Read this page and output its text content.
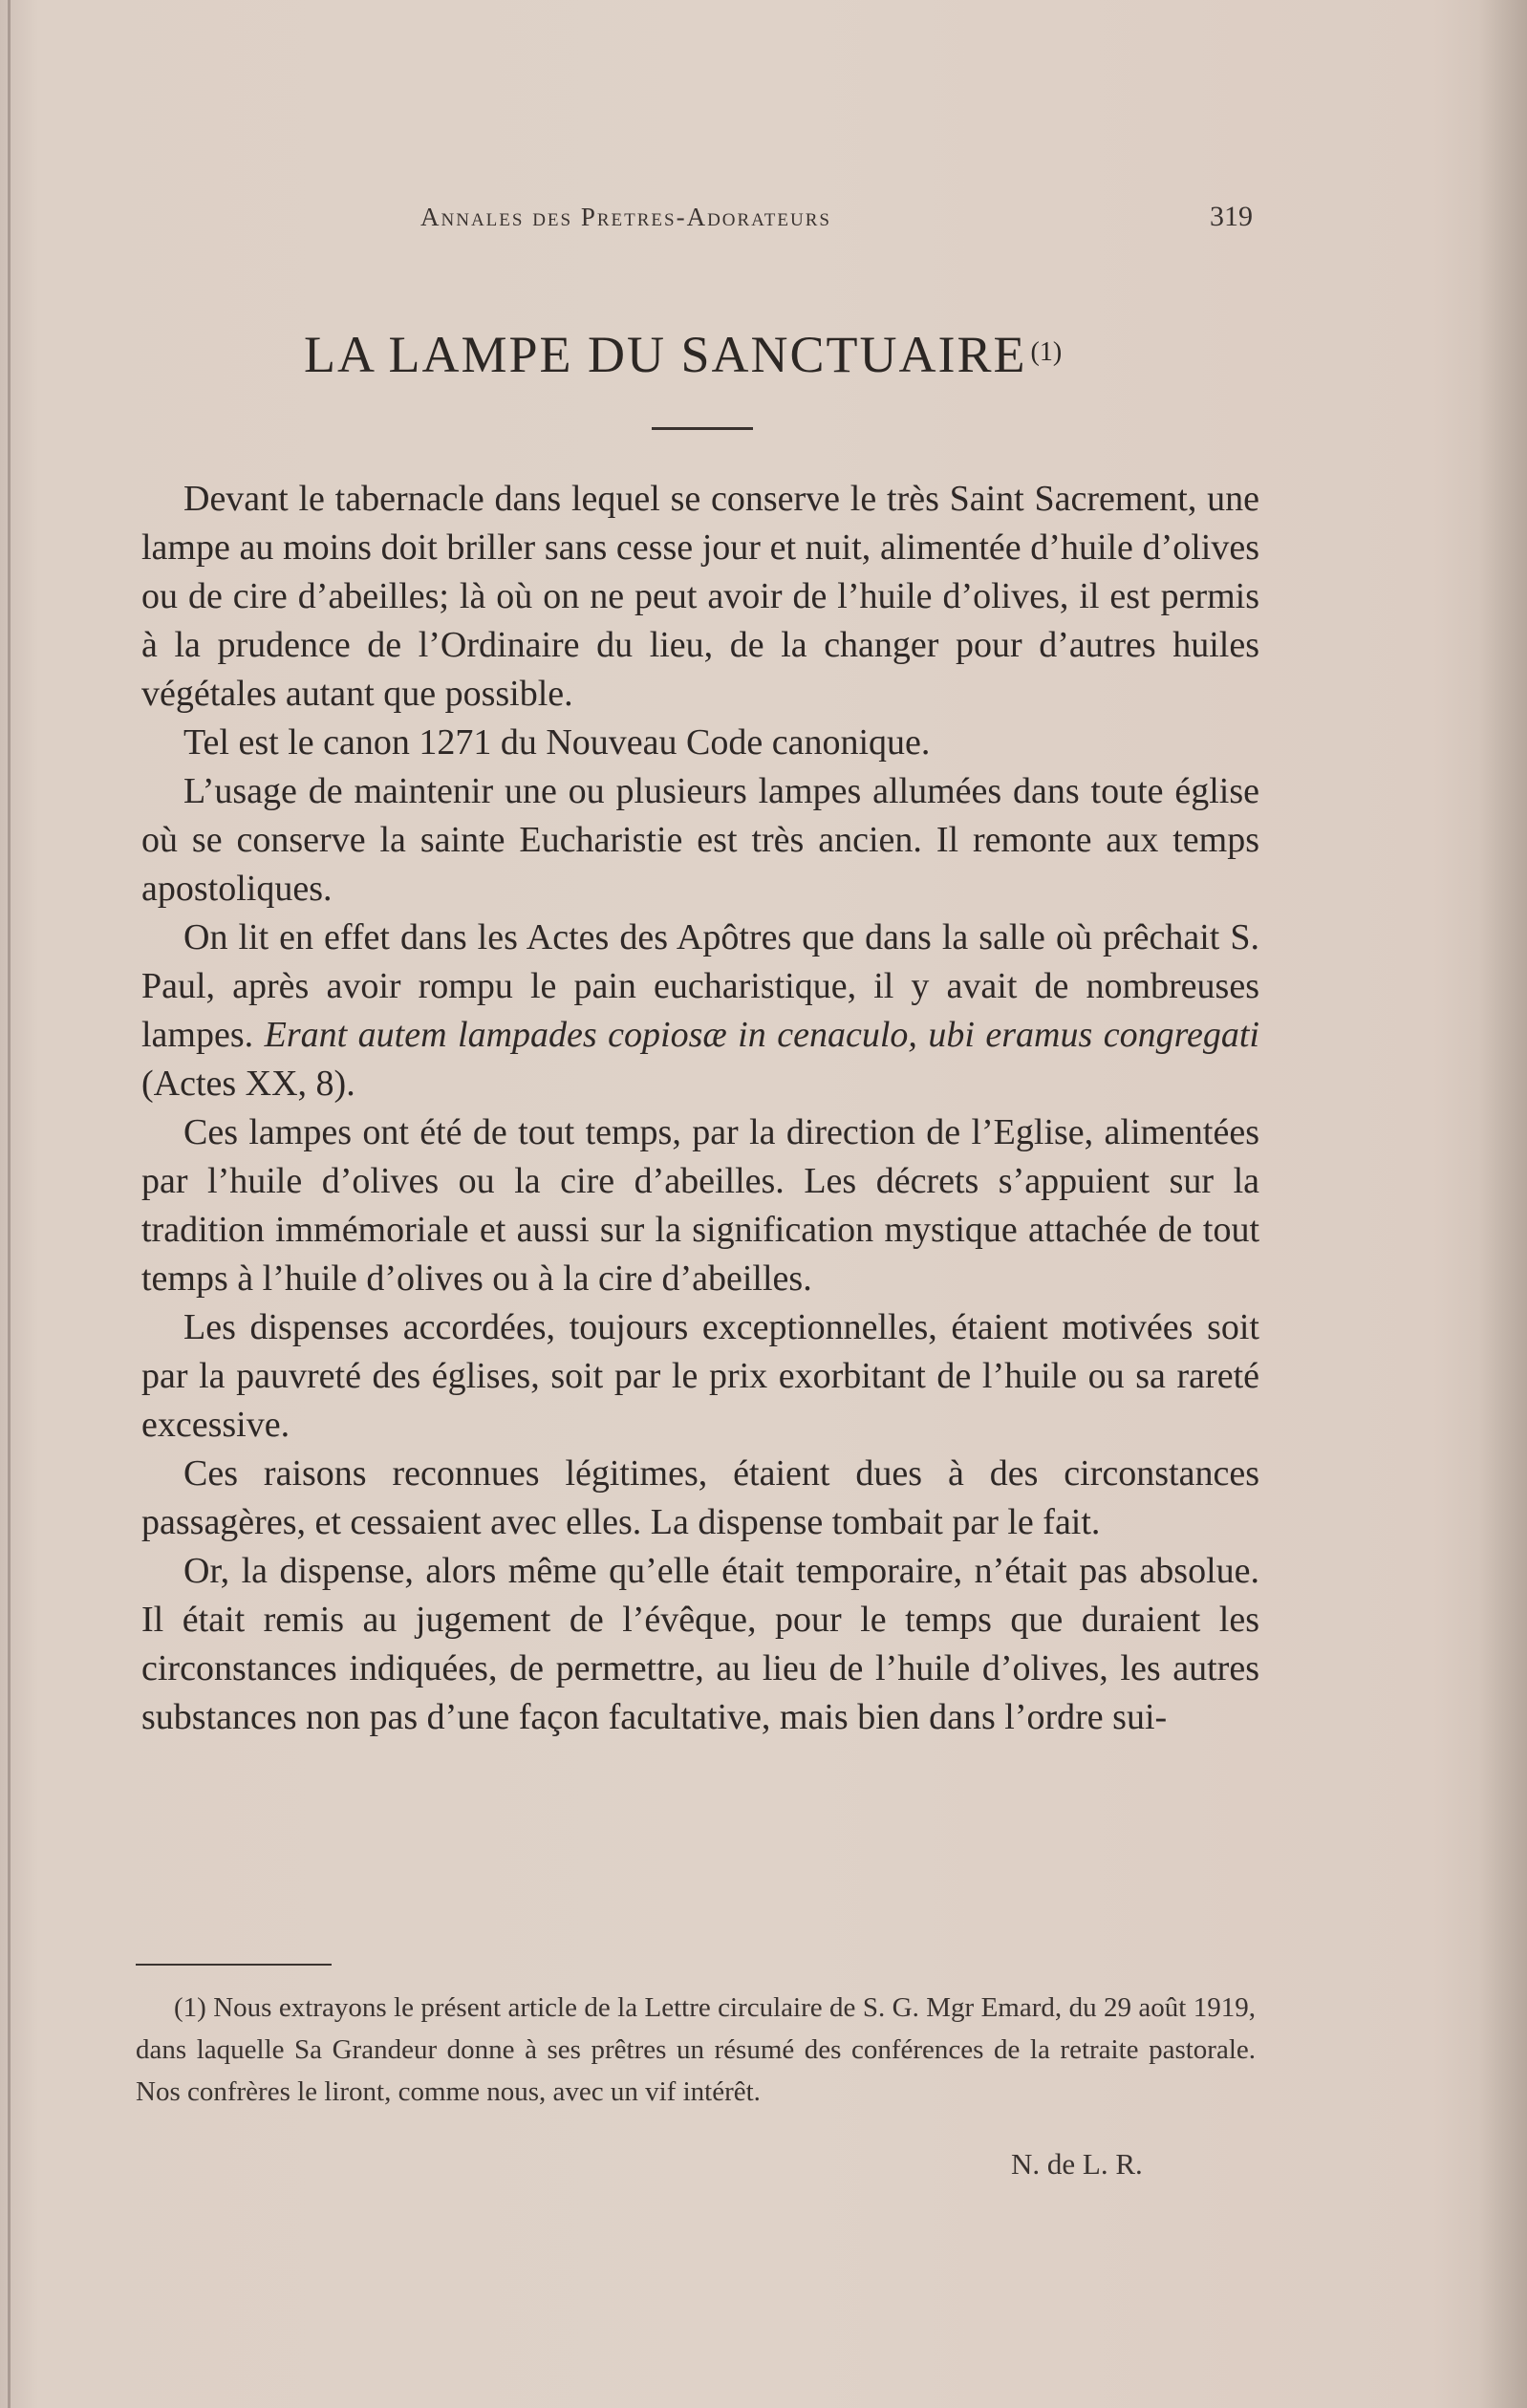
Annales des Pretres-Adorateurs	319
LA LAMPE DU SANCTUAIRE $^{(1)}$

Devant le tabernacle dans lequel se conserve le très Saint Sacrement, une lampe au moins doit briller sans cesse jour et nuit, alimentée d’huile d’olives ou de cire d’abeilles; là où on ne peut avoir de l’huile d’olives, il est permis à la prudence de l’Ordinaire du lieu, de la changer pour d’autres huiles végétales autant que possible.

Tel est le canon 1271 du Nouveau Code canonique.

L’usage de maintenir une ou plusieurs lampes allumées dans toute église où se conserve la sainte Eucharistie est très ancien. Il remonte aux temps apostoliques.

On lit en effet dans les Actes des Apôtres que dans la salle où prêchait S. Paul, après avoir rompu le pain eucharistique, il y avait de nombreuses lampes. Erant autem lampades copiosæ in cenaculo, ubi eramus congregati (Actes XX, 8).

Ces lampes ont été de tout temps, par la direction de l’Eglise, alimentées par l’huile d’olives ou la cire d’abeilles. Les décrets s’appuient sur la tradition immémoriale et aussi sur la signification mystique attachée de tout temps à l’huile d’olives ou à la cire d’abeilles.

Les dispenses accordées, toujours exceptionnelles, étaient motivées soit par la pauvreté des églises, soit par le prix exorbitant de l’huile ou sa rareté excessive.

Ces raisons reconnues légitimes, étaient dues à des circonstances passagères, et cessaient avec elles. La dispense tombait par le fait.

Or, la dispense, alors même qu’elle était temporaire, n’était pas absolue. Il était remis au jugement de l’évêque, pour le temps que duraient les circonstances indiquées, de permettre, au lieu de l’huile d’olives, les autres substances non pas d’une façon facultative, mais bien dans l’ordre sui-

(1) Nous extrayons le présent article de la Lettre circulaire de S. G. Mgr Emard, du 29 août 1919, dans laquelle Sa Grandeur donne à ses prêtres un résumé des conférences de la retraite pastorale. Nos confrères le liront, comme nous, avec un vif intérêt.

N. de L. R.
